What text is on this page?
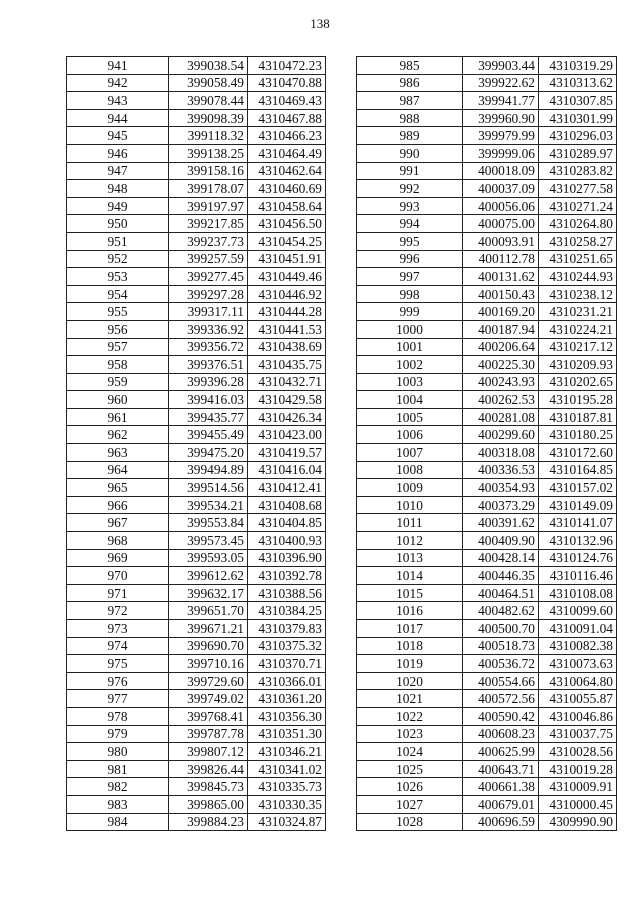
138
941	399038.54	4310472.23
942	399058.49	4310470.88
943	399078.44	4310469.43
944	399098.39	4310467.88
945	399118.32	4310466.23
946	399138.25	4310464.49
947	399158.16	4310462.64
948	399178.07	4310460.69
949	399197.97	4310458.64
950	399217.85	4310456.50
951	399237.73	4310454.25
952	399257.59	4310451.91
953	399277.45	4310449.46
954	399297.28	4310446.92
955	399317.11	4310444.28
956	399336.92	4310441.53
957	399356.72	4310438.69
958	399376.51	4310435.75
959	399396.28	4310432.71
960	399416.03	4310429.58
961	399435.77	4310426.34
962	399455.49	4310423.00
963	399475.20	4310419.57
964	399494.89	4310416.04
965	399514.56	4310412.41
966	399534.21	4310408.68
967	399553.84	4310404.85
968	399573.45	4310400.93
969	399593.05	4310396.90
970	399612.62	4310392.78
971	399632.17	4310388.56
972	399651.70	4310384.25
973	399671.21	4310379.83
974	399690.70	4310375.32
975	399710.16	4310370.71
976	399729.60	4310366.01
977	399749.02	4310361.20
978	399768.41	4310356.30
979	399787.78	4310351.30
980	399807.12	4310346.21
981	399826.44	4310341.02
982	399845.73	4310335.73
983	399865.00	4310330.35
984	399884.23	4310324.87
985	399903.44	4310319.29
986	399922.62	4310313.62
987	399941.77	4310307.85
988	399960.90	4310301.99
989	399979.99	4310296.03
990	399999.06	4310289.97
991	400018.09	4310283.82
992	400037.09	4310277.58
993	400056.06	4310271.24
994	400075.00	4310264.80
995	400093.91	4310258.27
996	400112.78	4310251.65
997	400131.62	4310244.93
998	400150.43	4310238.12
999	400169.20	4310231.21
1000	400187.94	4310224.21
1001	400206.64	4310217.12
1002	400225.30	4310209.93
1003	400243.93	4310202.65
1004	400262.53	4310195.28
1005	400281.08	4310187.81
1006	400299.60	4310180.25
1007	400318.08	4310172.60
1008	400336.53	4310164.85
1009	400354.93	4310157.02
1010	400373.29	4310149.09
1011	400391.62	4310141.07
1012	400409.90	4310132.96
1013	400428.14	4310124.76
1014	400446.35	4310116.46
1015	400464.51	4310108.08
1016	400482.62	4310099.60
1017	400500.70	4310091.04
1018	400518.73	4310082.38
1019	400536.72	4310073.63
1020	400554.66	4310064.80
1021	400572.56	4310055.87
1022	400590.42	4310046.86
1023	400608.23	4310037.75
1024	400625.99	4310028.56
1025	400643.71	4310019.28
1026	400661.38	4310009.91
1027	400679.01	4310000.45
1028	400696.59	4309990.90
